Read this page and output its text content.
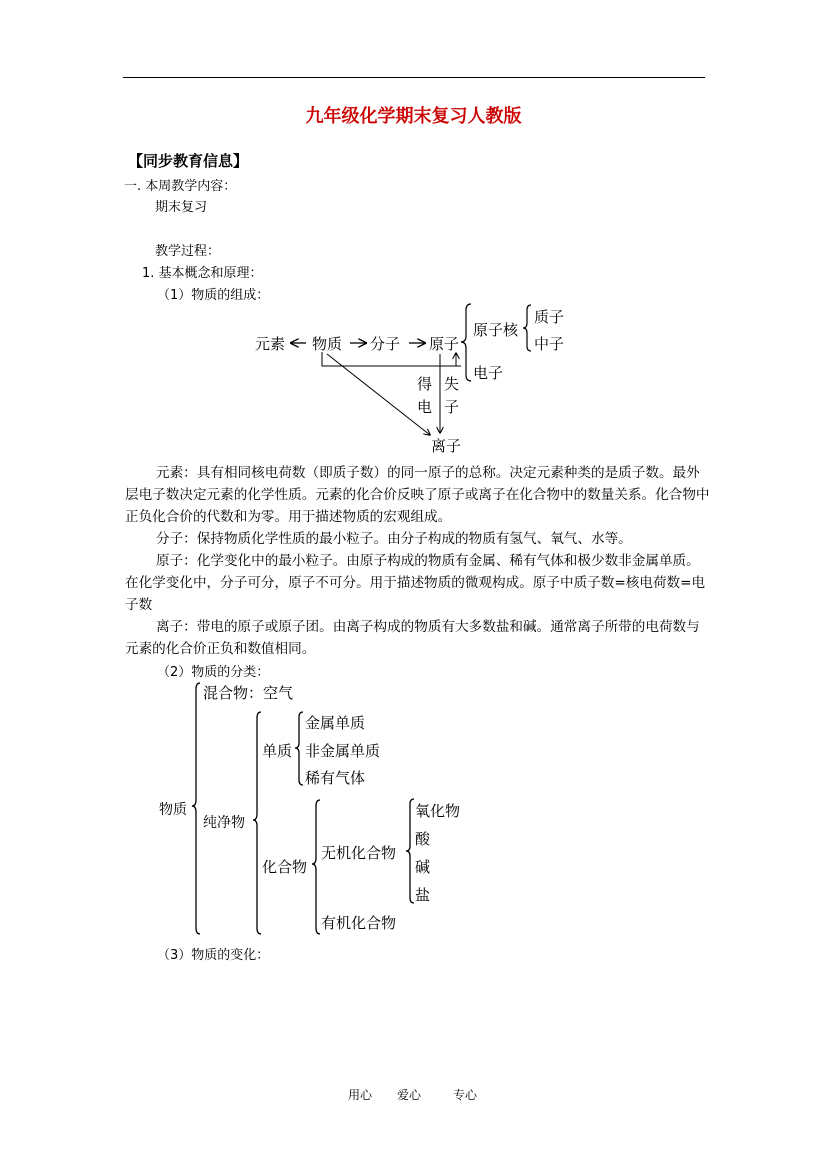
九年级化学期末复习人教版
【同步教育信息】
一. 本周教学内容：
期末复习
教学过程：
1. 基本概念和原理：
（1）物质的组成：
元素 物质 分子 原子
原子核
质子
中子
电子
离子
得
电
失
子

元素：具有相同核电荷数（即质子数）的同一原子的总称。决定元素种类的是质子数。最外层电子数决定元素的化学性质。元素的化合价反映了原子或离子在化合物中的数量关系。化合物中正负化合价的代数和为零。用于描述物质的宏观组成。

分子：保持物质化学性质的最小粒子。由分子构成的物质有氢气、氧气、水等。

原子：化学变化中的最小粒子。由原子构成的物质有金属、稀有气体和极少数非金属单质。在化学变化中，分子可分，原子不可分。用于描述物质的微观构成。原子中质子数=核电荷数=电子数

离子：带电的原子或原子团。由离子构成的物质有大多数盐和碱。通常离子所带的电荷数与元素的化合价正负和数值相同。

（2）物质的分类：
物质
混合物：空气
纯净物
单质
金属单质
非金属单质
稀有气体
化合物
无机化合物
氧化物
酸
碱
盐
有机化合物
（3）物质的变化：
用心 爱心	专心
